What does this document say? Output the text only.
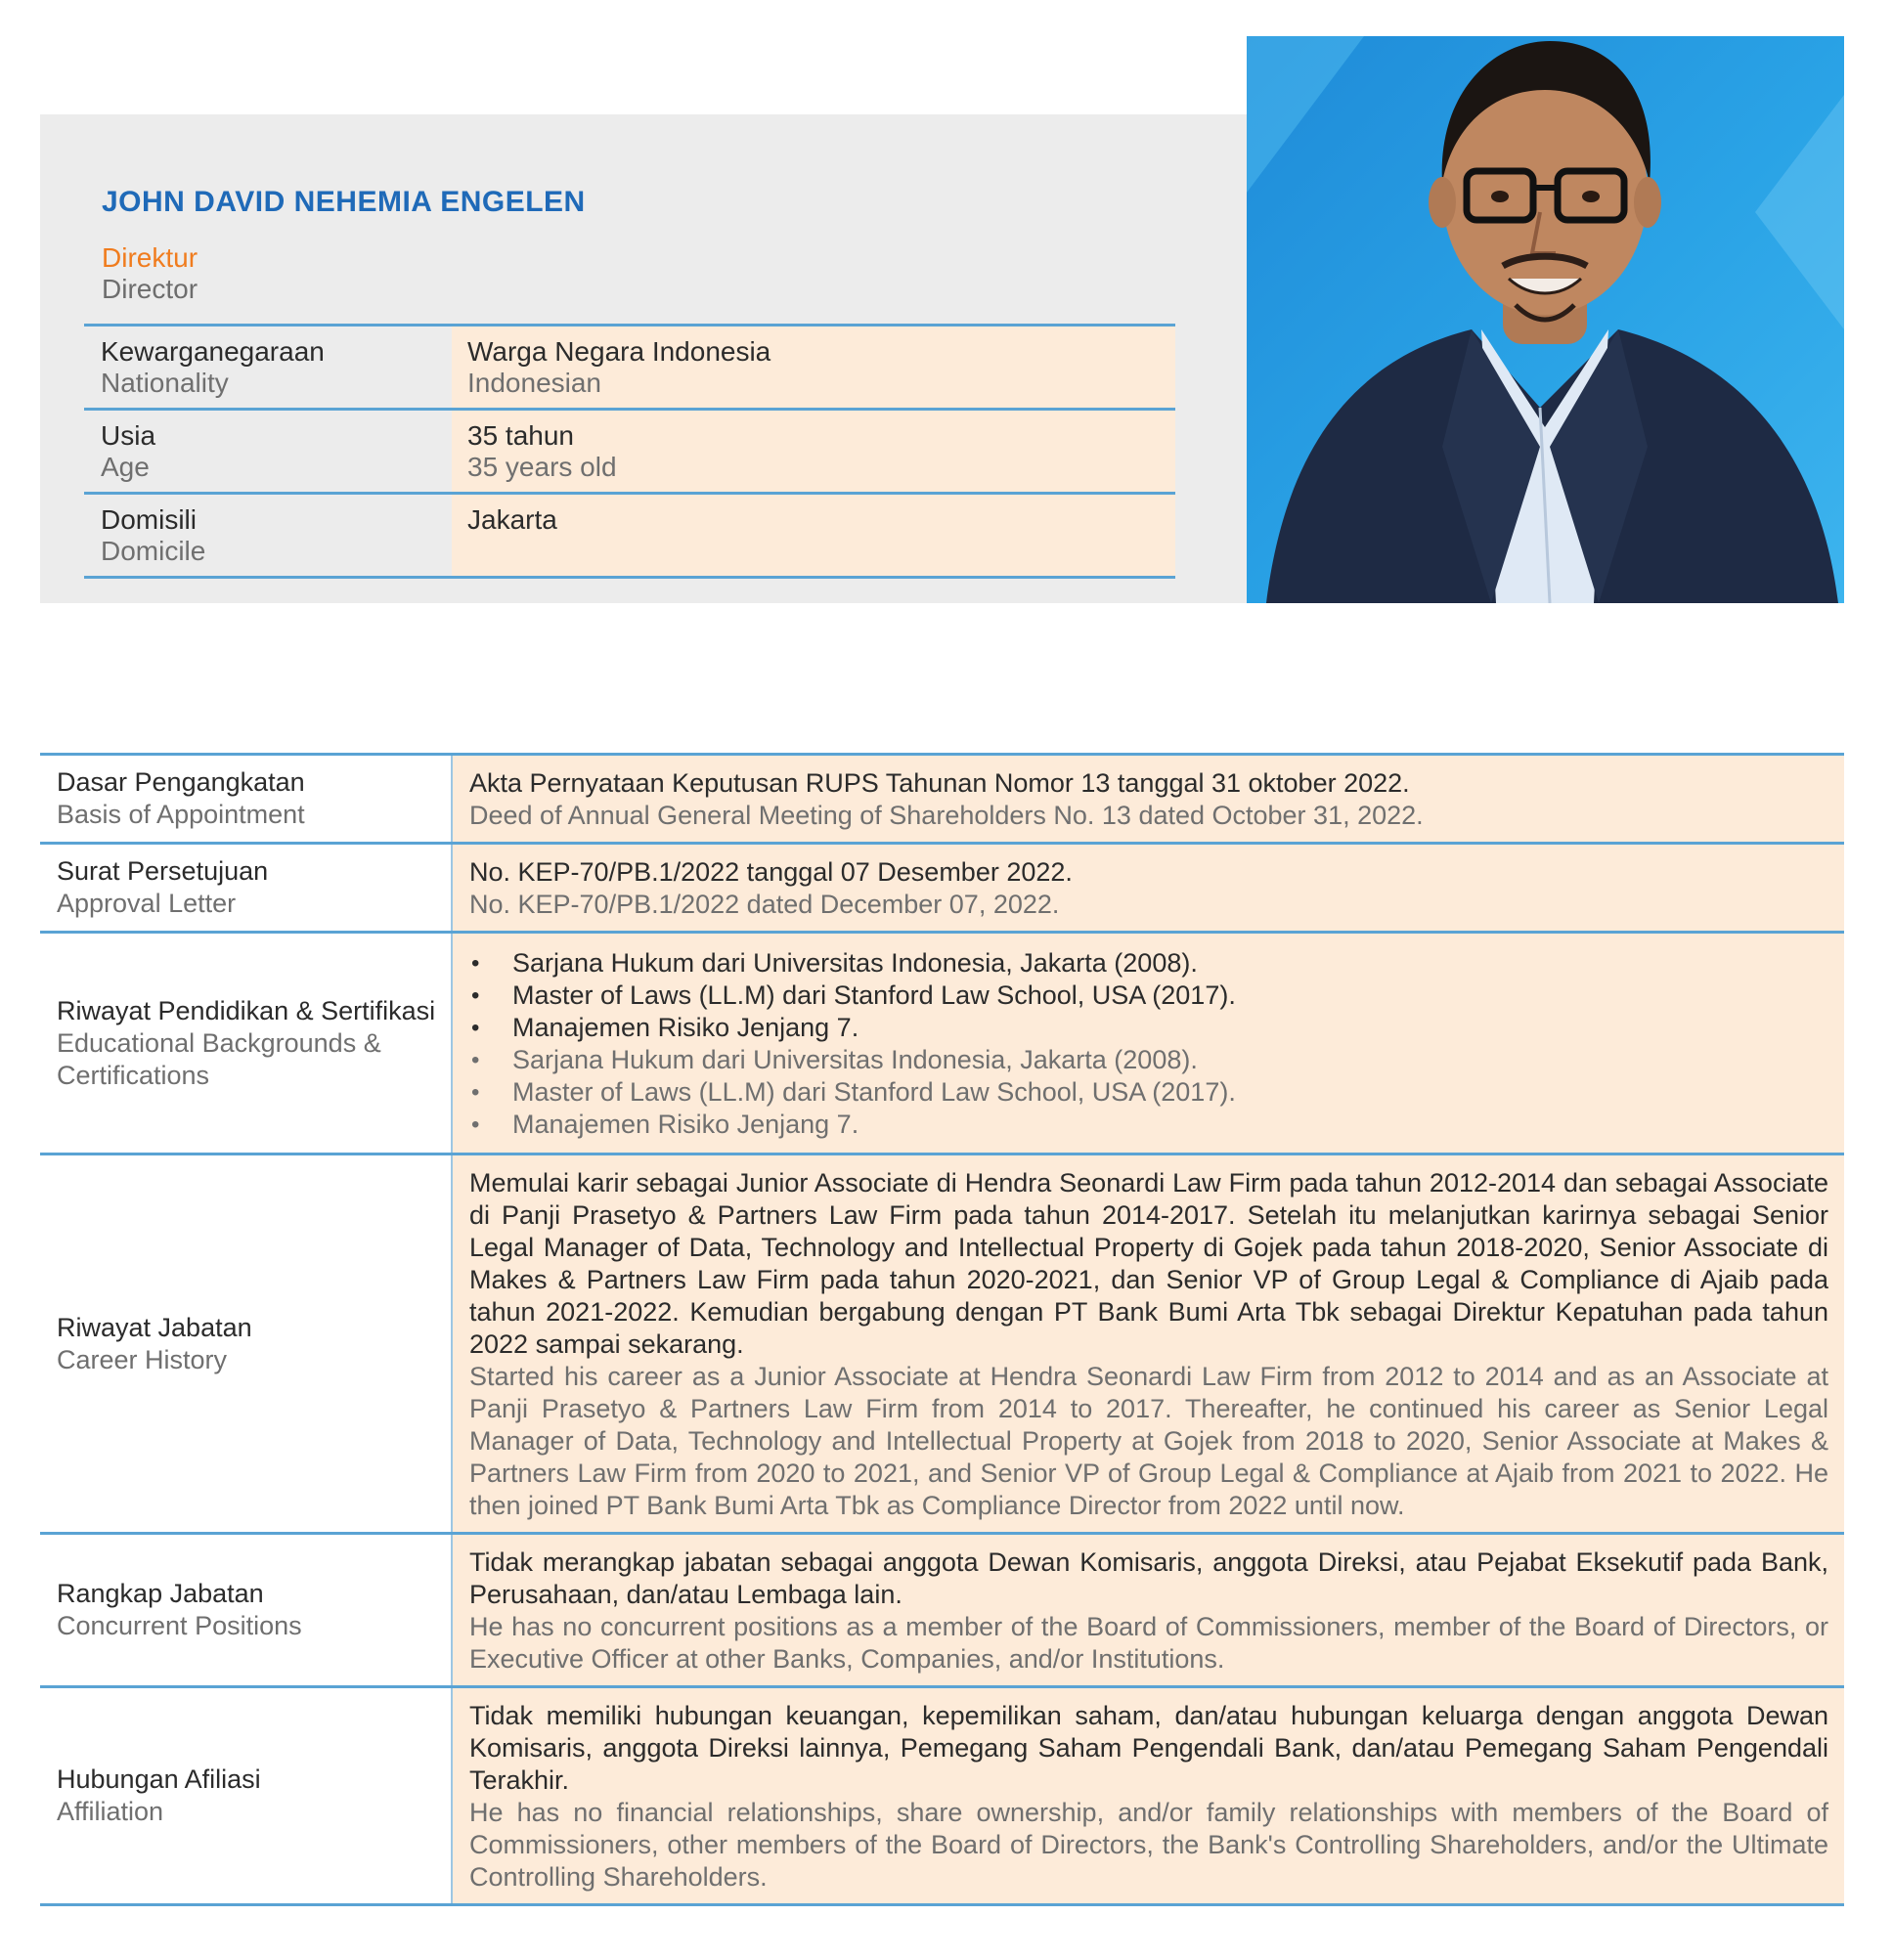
JOHN DAVID NEHEMIA ENGELEN
Direktur
Director
Kewarganegaraan
Nationality
Warga Negara Indonesia
Indonesian
Usia
Age
35 tahun
35 years old
Domisili
Domicile
Jakarta
Dasar Pengangkatan
Basis of Appointment
Akta Pernyataan Keputusan RUPS Tahunan Nomor 13 tanggal 31 oktober 2022.
Deed of Annual General Meeting of Shareholders No. 13 dated October 31, 2022.
Surat Persetujuan
Approval Letter
No. KEP-70/PB.1/2022 tanggal 07 Desember 2022.
No. KEP-70/PB.1/2022 dated December 07, 2022.
Riwayat Pendidikan & Sertifikasi
Educational Backgrounds & Certifications
• Sarjana Hukum dari Universitas Indonesia, Jakarta (2008).
• Master of Laws (LL.M) dari Stanford Law School, USA (2017).
• Manajemen Risiko Jenjang 7.
• Sarjana Hukum dari Universitas Indonesia, Jakarta (2008).
• Master of Laws (LL.M) dari Stanford Law School, USA (2017).
• Manajemen Risiko Jenjang 7.
Riwayat Jabatan
Career History
Memulai karir sebagai Junior Associate di Hendra Seonardi Law Firm pada tahun 2012-2014 dan sebagai Associate di Panji Prasetyo & Partners Law Firm pada tahun 2014-2017. Setelah itu melanjutkan karirnya sebagai Senior Legal Manager of Data, Technology and Intellectual Property di Gojek pada tahun 2018-2020, Senior Associate di Makes & Partners Law Firm pada tahun 2020-2021, dan Senior VP of Group Legal & Compliance di Ajaib pada tahun 2021-2022. Kemudian bergabung dengan PT Bank Bumi Arta Tbk sebagai Direktur Kepatuhan pada tahun 2022 sampai sekarang.
Started his career as a Junior Associate at Hendra Seonardi Law Firm from 2012 to 2014 and as an Associate at Panji Prasetyo & Partners Law Firm from 2014 to 2017. Thereafter, he continued his career as Senior Legal Manager of Data, Technology and Intellectual Property at Gojek from 2018 to 2020, Senior Associate at Makes & Partners Law Firm from 2020 to 2021, and Senior VP of Group Legal & Compliance at Ajaib from 2021 to 2022. He then joined PT Bank Bumi Arta Tbk as Compliance Director from 2022 until now.
Rangkap Jabatan
Concurrent Positions
Tidak merangkap jabatan sebagai anggota Dewan Komisaris, anggota Direksi, atau Pejabat Eksekutif pada Bank, Perusahaan, dan/atau Lembaga lain.
He has no concurrent positions as a member of the Board of Commissioners, member of the Board of Directors, or Executive Officer at other Banks, Companies, and/or Institutions.
Hubungan Afiliasi
Affiliation
Tidak memiliki hubungan keuangan, kepemilikan saham, dan/atau hubungan keluarga dengan anggota Dewan Komisaris, anggota Direksi lainnya, Pemegang Saham Pengendali Bank, dan/atau Pemegang Saham Pengendali Terakhir.
He has no financial relationships, share ownership, and/or family relationships with members of the Board of Commissioners, other members of the Board of Directors, the Bank's Controlling Shareholders, and/or the Ultimate Controlling Shareholders.
